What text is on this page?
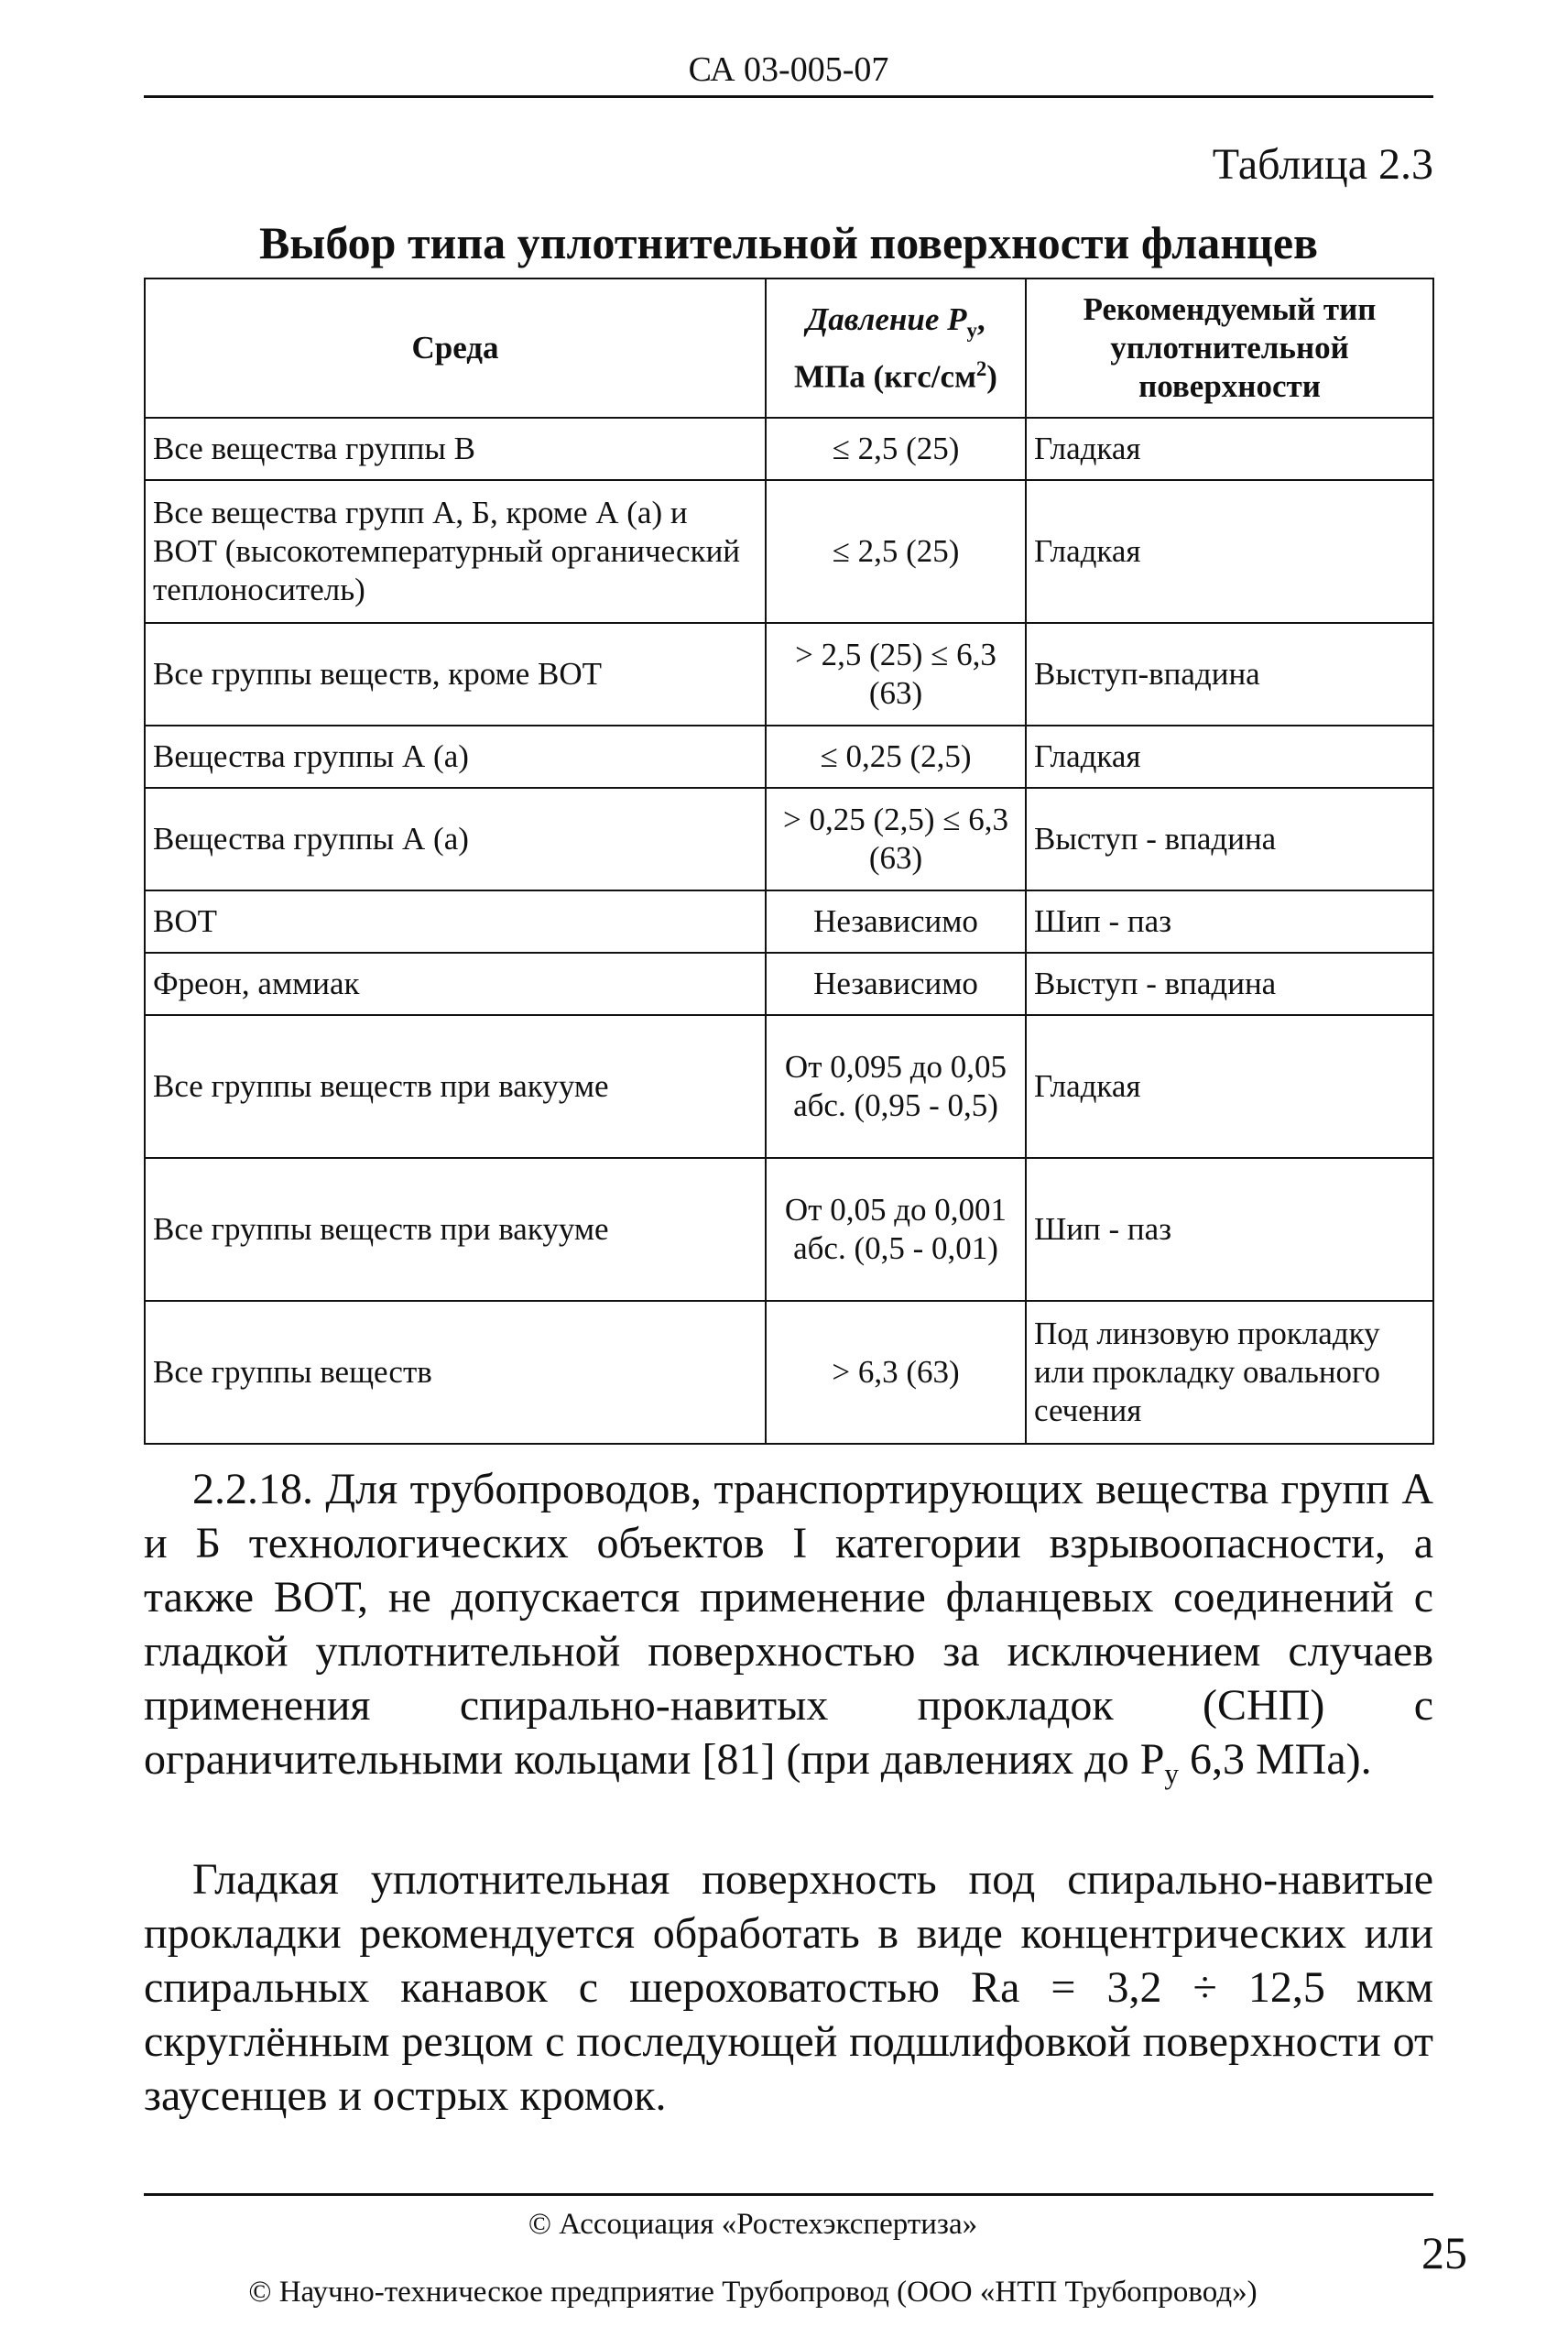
СА 03-005-07
Таблица 2.3
Выбор типа уплотнительной поверхности фланцев
Среда	Давление $P_у$, МПа $(кгс/см^2)$	Рекомендуемый тип уплотнительной поверхности
Все вещества группы В	≤ 2,5 (25)	Гладкая
Все вещества групп А, Б, кроме А (а) и ВОТ (высокотемпературный органический теплоноситель)	≤ 2,5 (25)	Гладкая
Все группы веществ, кроме ВОТ	> 2,5 (25) ≤ 6,3 (63)	Выступ-впадина
Вещества группы А (а)	≤ 0,25 (2,5)	Гладкая
Вещества группы А (а)	> 0,25 (2,5) ≤ 6,3 (63)	Выступ - впадина
ВОТ	Независимо	Шип - паз
Фреон, аммиак	Независимо	Выступ - впадина
Все группы веществ при вакууме	От 0,095 до 0,05 абс. (0,95 - 0,5)	Гладкая
Все группы веществ при вакууме	От 0,05 до 0,001 абс. (0,5 - 0,01)	Шип - паз
Все группы веществ	> 6,3 (63)	Под линзовую прокладку или прокладку овального сечения
2.2.18. Для трубопроводов, транспортирующих вещества групп А и Б технологических объектов I категории взрывоопасности, а также ВОТ, не допускается применение фланцевых соединений с гладкой уплотнительной поверхностью за исключением случаев применения спирально-навитых прокладок (СНП) с ограничительными кольцами [81] (при давлениях до $P_у$ 6,3 МПа).
Гладкая уплотнительная поверхность под спирально-навитые прокладки рекомендуется обработать в виде концентрических или спиральных канавок с шероховатостью Ra = 3,2 ÷ 12,5 мкм скруглённым резцом с последующей подшлифовкой поверхности от заусенцев и острых кромок.
© Ассоциация «Ростехэкспертиза»
© Научно-техническое предприятие Трубопровод (ООО «НТП Трубопровод»)
25
